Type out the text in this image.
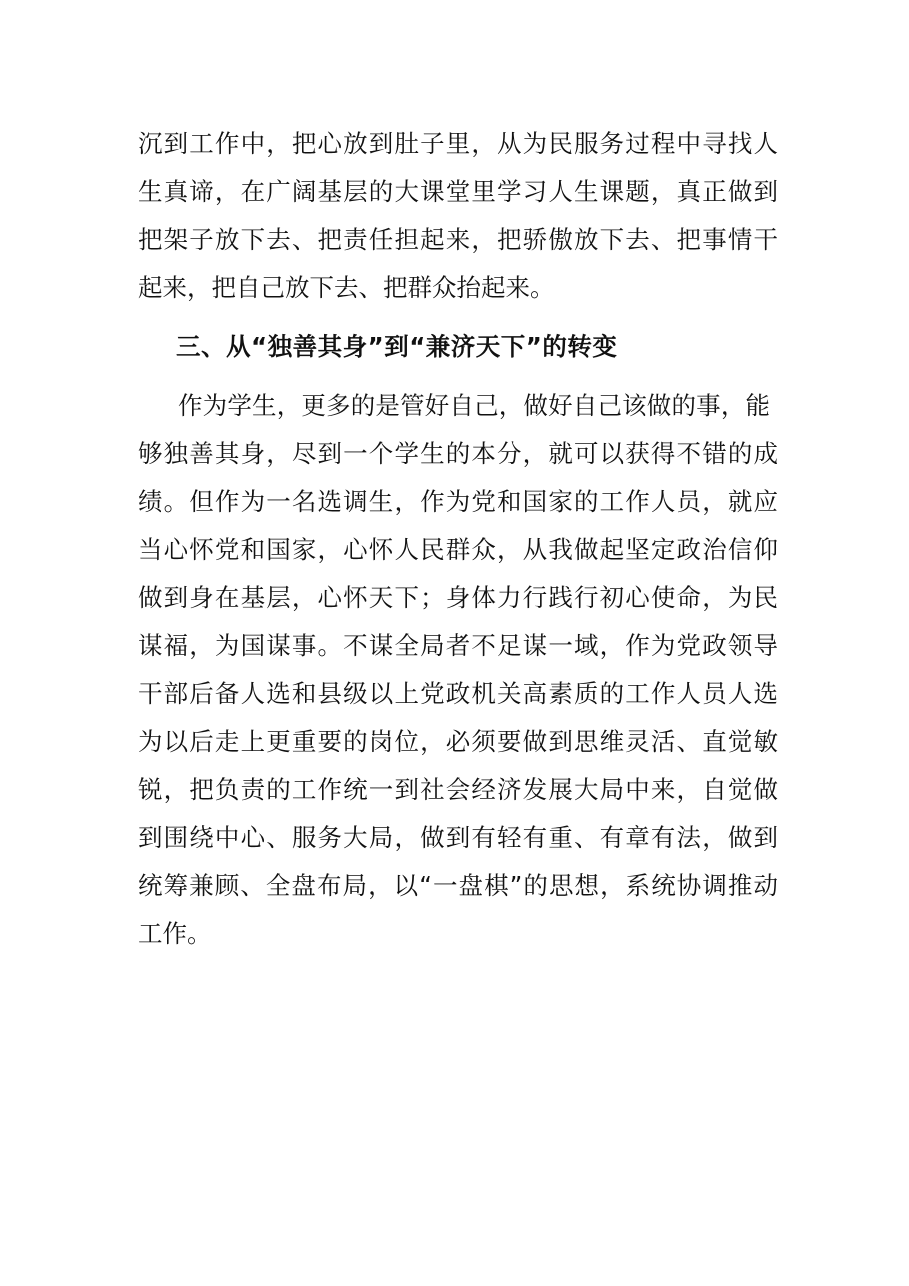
沉到工作中，把心放到肚子里，从为民服务过程中寻找人
生真谛，在广阔基层的大课堂里学习人生课题，真正做到
把架子放下去、把责任担起来，把骄傲放下去、把事情干
起来，把自己放下去、把群众抬起来。
三、从“独善其身”到“兼济天下”的转变
作为学生，更多的是管好自己，做好自己该做的事，能
够独善其身，尽到一个学生的本分，就可以获得不错的成
绩。但作为一名选调生，作为党和国家的工作人员，就应
当心怀党和国家，心怀人民群众，从我做起坚定政治信仰
做到身在基层，心怀天下；身体力行践行初心使命，为民
谋福，为国谋事。不谋全局者不足谋一域，作为党政领导
干部后备人选和县级以上党政机关高素质的工作人员人选
为以后走上更重要的岗位，必须要做到思维灵活、直觉敏
锐，把负责的工作统一到社会经济发展大局中来，自觉做
到围绕中心、服务大局，做到有轻有重、有章有法，做到
统筹兼顾、全盘布局，以“一盘棋”的思想，系统协调推动
工作。
